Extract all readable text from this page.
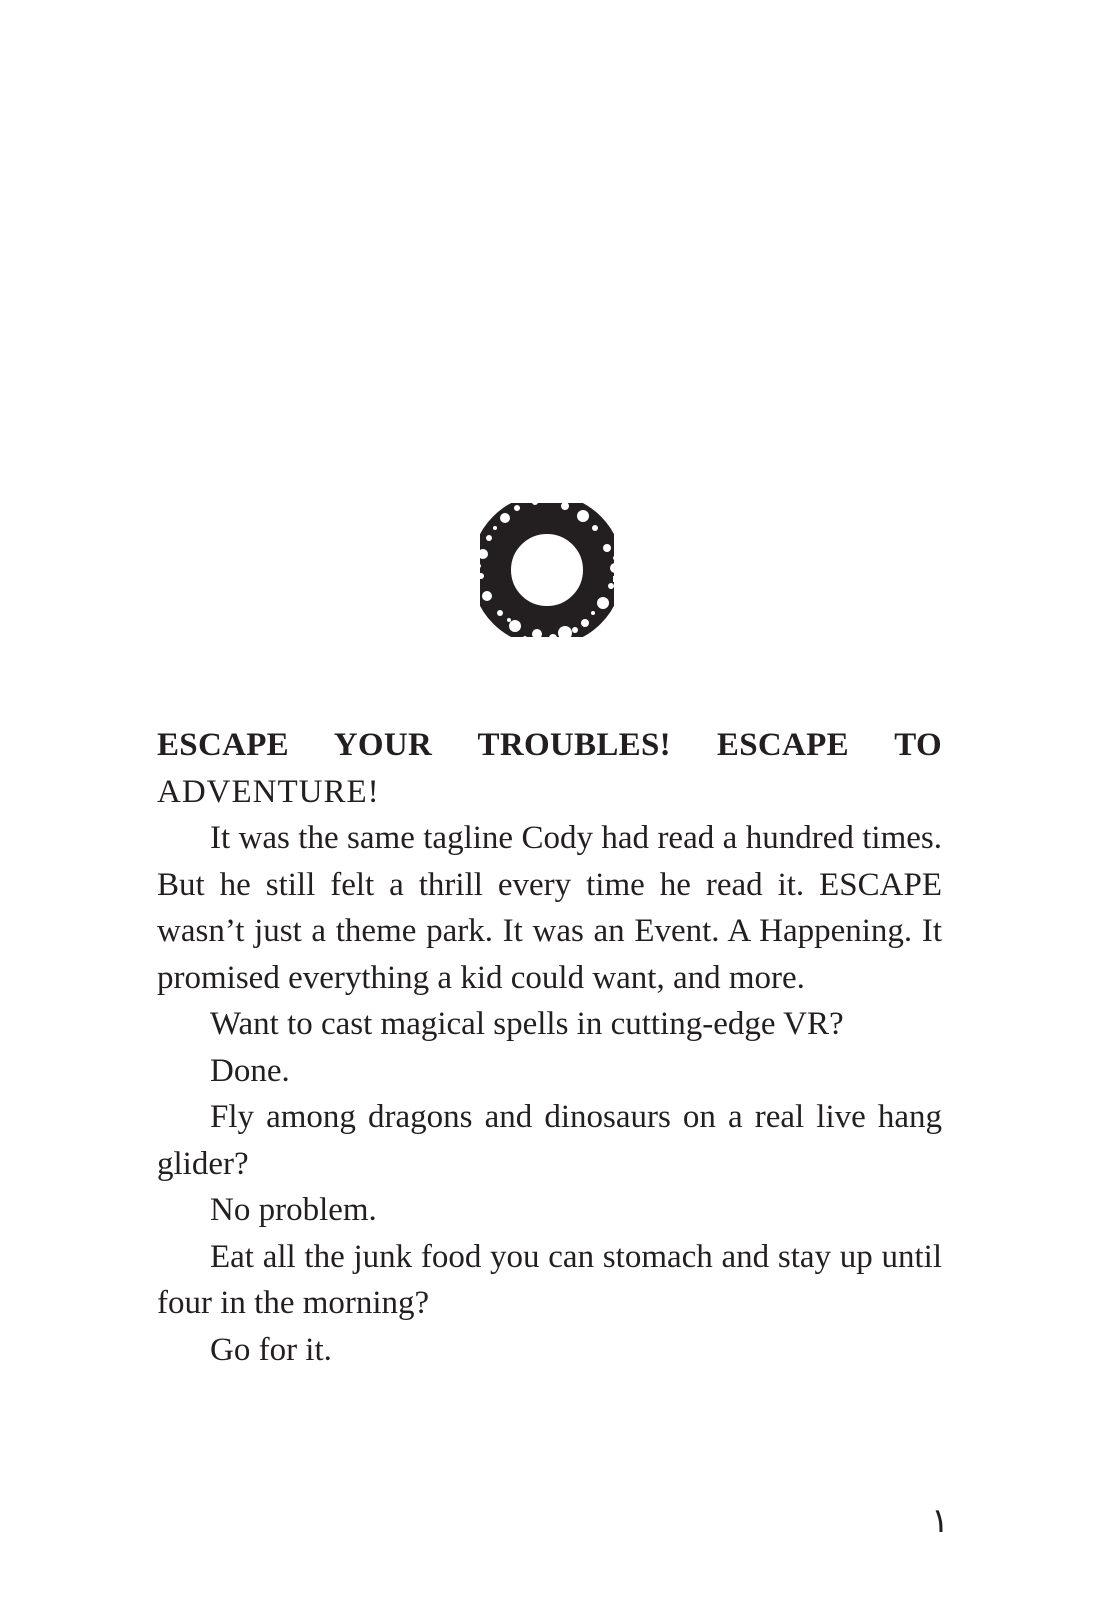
ESCAPE YOUR TROUBLES! ESCAPE TO
ADVENTURE!

It was the same tagline Cody had read a hundred times. But he still felt a thrill every time he read it. ESCAPE wasn’t just a theme park. It was an Event. A Happening. It promised everything a kid could want, and more.

Want to cast magical spells in cutting-edge VR?

Done.

Fly among dragons and dinosaurs on a real live hang glider?

No problem.

Eat all the junk food you can stomach and stay up until four in the morning?

Go for it.

١
